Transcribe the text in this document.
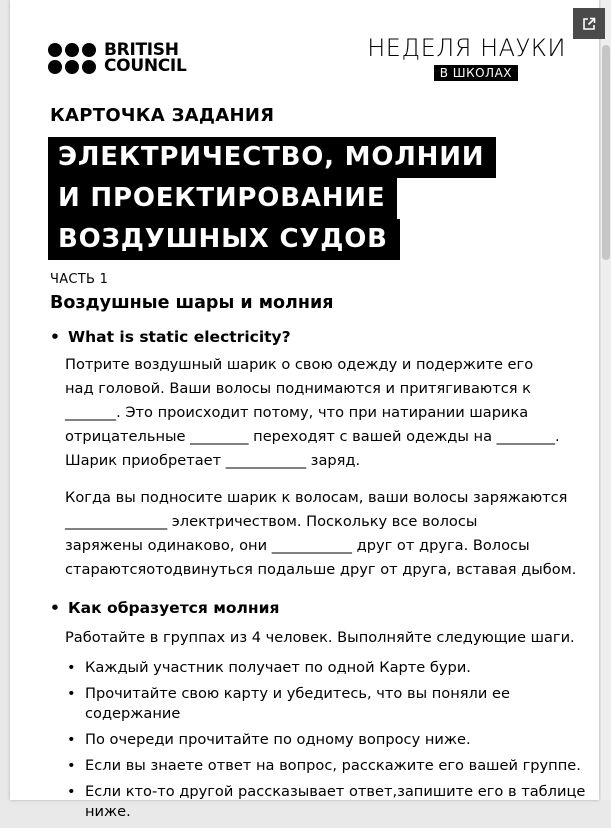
BRITISH
COUNCIL
НЕДЕЛЯ НАУКИ
В ШКОЛАХ
КАРТОЧКА ЗАДАНИЯ
ЭЛЕКТРИЧЕСТВО, МОЛНИИ
И ПРОЕКТИРОВАНИЕ
ВОЗДУШНЫХ СУДОВ
ЧАСТЬ 1
Воздушные шары и молния
• What is static electricity?
Потрите воздушный шарик о свою одежду и подержите его
над головой. Ваши волосы поднимаются и притягиваются к
_______. Это происходит потому, что при натирании шарика
отрицательные ________ переходят с вашей одежды на ________.
Шарик приобретает ___________ заряд.
Когда вы подносите шарик к волосам, ваши волосы заряжаются
______________ электричеством. Поскольку все волосы
заряжены одинаково, они ___________ друг от друга. Волосы
стараютсяотодвинуться подальше друг от друга, вставая дыбом.
• Как образуется молния
Работайте в группах из 4 человек. Выполняйте следующие шаги.
• Каждый участник получает по одной Карте бури.
• Прочитайте свою карту и убедитесь, что вы поняли ее содержание
• По очереди прочитайте по одному вопросу ниже.
• Если вы знаете ответ на вопрос, расскажите его вашей группе.
• Если кто-то другой рассказывает ответ,запишите его в таблице ниже.
